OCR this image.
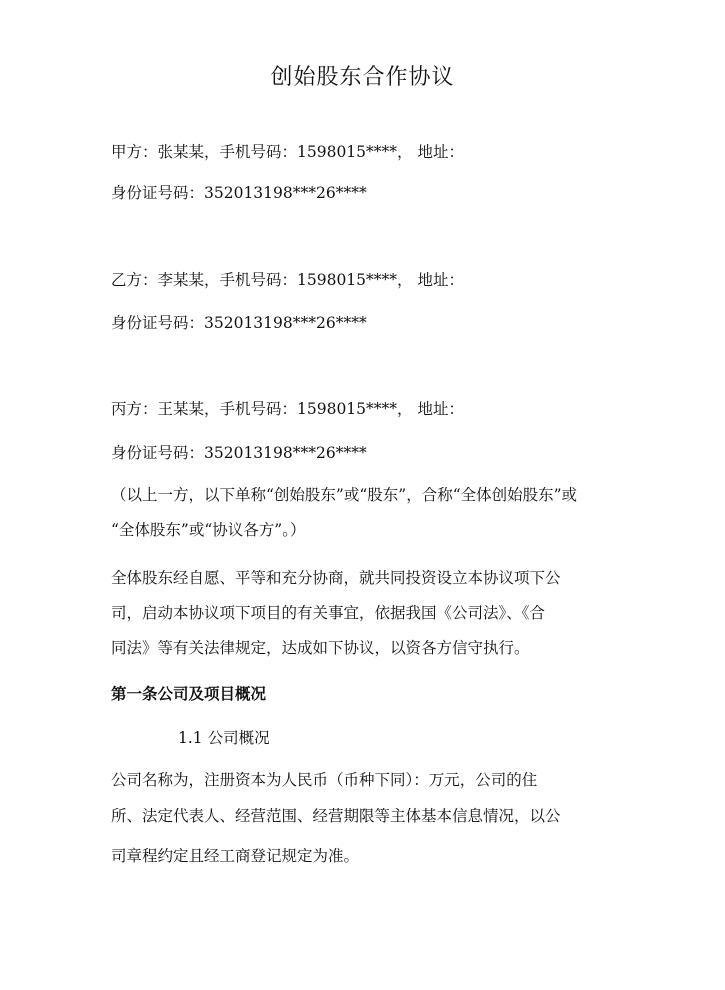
创始股东合作协议
甲方：张某某，手机号码：1598015****， 地址：
身份证号码：352013198***26****
乙方：李某某，手机号码：1598015****， 地址：
身份证号码：352013198***26****
丙方：王某某，手机号码：1598015****， 地址：
身份证号码：352013198***26****
（以上一方，以下单称“创始股东”或“股东”，合称“全体创始股东”或
“全体股东”或“协议各方”。）
全体股东经自愿、平等和充分协商，就共同投资设立本协议项下公
司，启动本协议项下项目的有关事宜，依据我国《公司法》、《合
同法》等有关法律规定，达成如下协议，以资各方信守执行。
第一条公司及项目概况
1.1 公司概况
公司名称为，注册资本为人民币（币种下同）：万元，公司的住
所、法定代表人、经营范围、经营期限等主体基本信息情况，以公
司章程约定且经工商登记规定为准。
